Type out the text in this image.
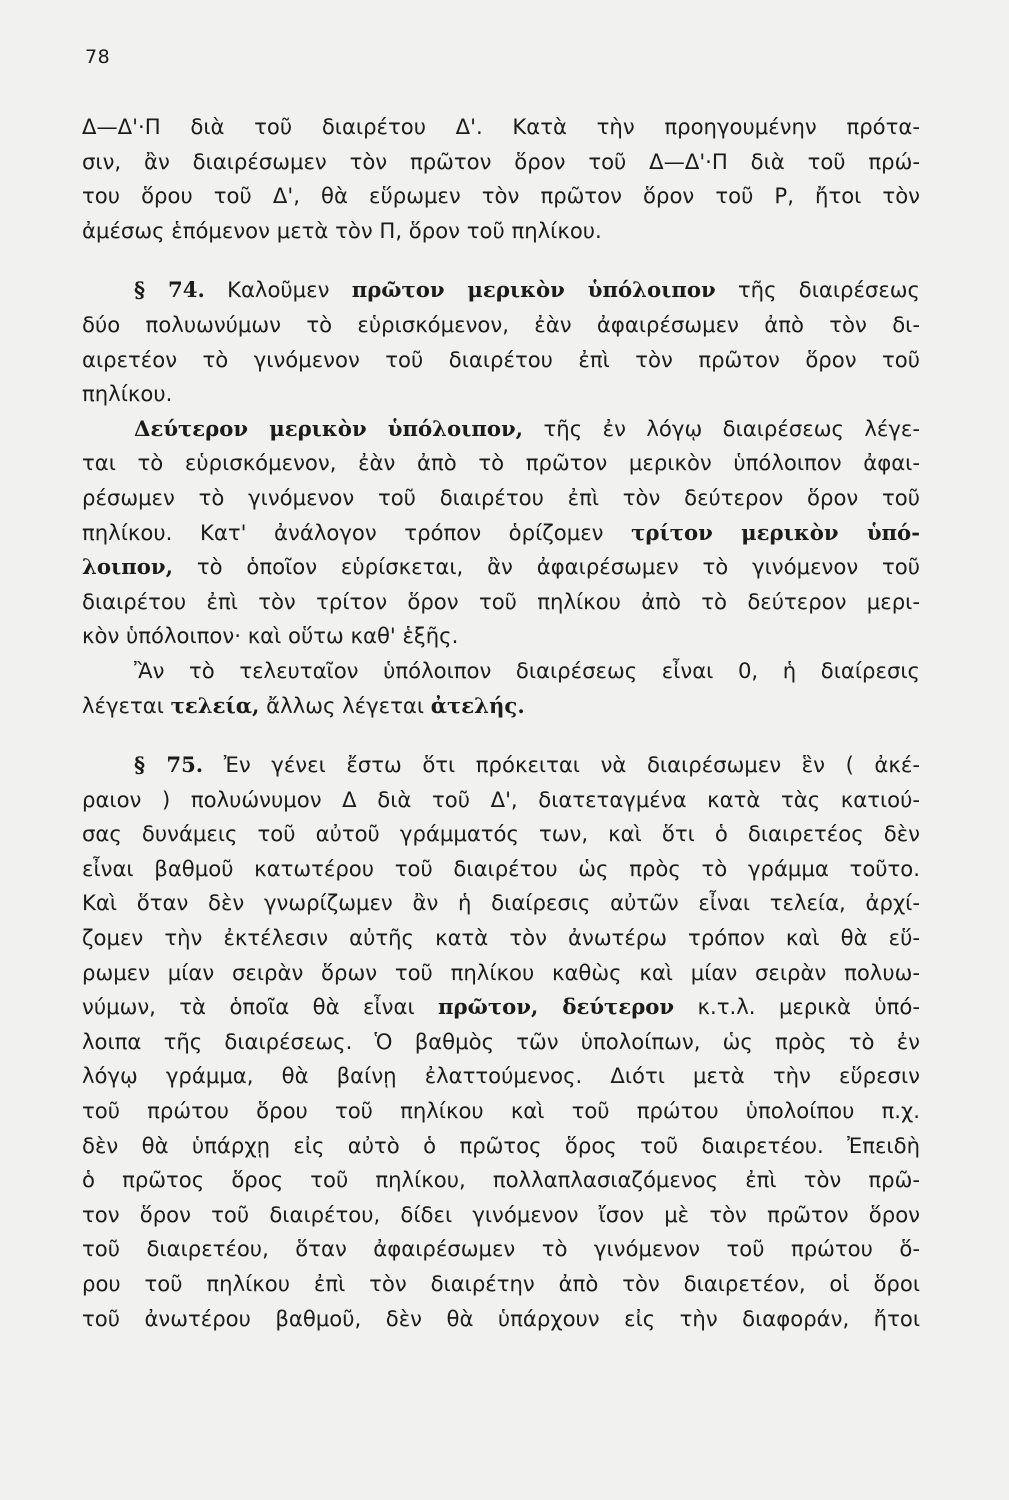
78
Δ—Δ'·Π διὰ τοῦ διαιρέτου Δ'. Κατὰ τὴν προηγουμένην πρότα-
σιν, ἂν διαιρέσωμεν τὸν πρῶτον ὅρον τοῦ Δ—Δ'·Π διὰ τοῦ πρώ-
του ὅρου τοῦ Δ', θὰ εὕρωμεν τὸν πρῶτον ὅρον τοῦ Ρ, ἤτοι τὸν
ἀμέσως ἑπόμενον μετὰ τὸν Π, ὅρον τοῦ πηλίκου.
§ 74. Καλοῦμεν πρῶτον μερικὸν ὑπόλοιπον τῆς διαιρέσεως
δύο πολυωνύμων τὸ εὑρισκόμενον, ἐὰν ἀφαιρέσωμεν ἀπὸ τὸν δι-
αιρετέον τὸ γινόμενον τοῦ διαιρέτου ἐπὶ τὸν πρῶτον ὅρον τοῦ
πηλίκου.
Δεύτερον μερικὸν ὑπόλοιπον, τῆς ἐν λόγῳ διαιρέσεως λέγε-
ται τὸ εὑρισκόμενον, ἐὰν ἀπὸ τὸ πρῶτον μερικὸν ὑπόλοιπον ἀφαι-
ρέσωμεν τὸ γινόμενον τοῦ διαιρέτου ἐπὶ τὸν δεύτερον ὅρον τοῦ
πηλίκου. Κατ' ἀνάλογον τρόπον ὁρίζομεν τρίτον μερικὸν ὑπό-
λοιπον, τὸ ὁποῖον εὑρίσκεται, ἂν ἀφαιρέσωμεν τὸ γινόμενον τοῦ
διαιρέτου ἐπὶ τὸν τρίτον ὅρον τοῦ πηλίκου ἀπὸ τὸ δεύτερον μερι-
κὸν ὑπόλοιπον· καὶ οὕτω καθ' ἑξῆς.
Ἂν τὸ τελευταῖον ὑπόλοιπον διαιρέσεως εἶναι 0, ἡ διαίρεσις
λέγεται τελεία, ἄλλως λέγεται ἀτελής.
§ 75. Ἐν γένει ἔστω ὅτι πρόκειται νὰ διαιρέσωμεν ἓν ( ἀκέ-
ραιον ) πολυώνυμον Δ διὰ τοῦ Δ', διατεταγμένα κατὰ τὰς κατιού-
σας δυνάμεις τοῦ αὐτοῦ γράμματός των, καὶ ὅτι ὁ διαιρετέος δὲν
εἶναι βαθμοῦ κατωτέρου τοῦ διαιρέτου ὡς πρὸς τὸ γράμμα τοῦτο.
Καὶ ὅταν δὲν γνωρίζωμεν ἂν ἡ διαίρεσις αὐτῶν εἶναι τελεία, ἀρχί-
ζομεν τὴν ἐκτέλεσιν αὐτῆς κατὰ τὸν ἀνωτέρω τρόπον καὶ θὰ εὕ-
ρωμεν μίαν σειρὰν ὅρων τοῦ πηλίκου καθὼς καὶ μίαν σειρὰν πολυω-
νύμων, τὰ ὁποῖα θὰ εἶναι πρῶτον, δεύτερον κ.τ.λ. μερικὰ ὑπό-
λοιπα τῆς διαιρέσεως. Ὁ βαθμὸς τῶν ὑπολοίπων, ὡς πρὸς τὸ ἐν
λόγῳ γράμμα, θὰ βαίνῃ ἐλαττούμενος. Διότι μετὰ τὴν εὕρεσιν
τοῦ πρώτου ὅρου τοῦ πηλίκου καὶ τοῦ πρώτου ὑπολοίπου π.χ.
δὲν θὰ ὑπάρχῃ εἰς αὐτὸ ὁ πρῶτος ὅρος τοῦ διαιρετέου. Ἐπειδὴ
ὁ πρῶτος ὅρος τοῦ πηλίκου, πολλαπλασιαζόμενος ἐπὶ τὸν πρῶ-
τον ὅρον τοῦ διαιρέτου, δίδει γινόμενον ἴσον μὲ τὸν πρῶτον ὅρον
τοῦ διαιρετέου, ὅταν ἀφαιρέσωμεν τὸ γινόμενον τοῦ πρώτου ὅ-
ρου τοῦ πηλίκου ἐπὶ τὸν διαιρέτην ἀπὸ τὸν διαιρετέον, οἱ ὅροι
τοῦ ἀνωτέρου βαθμοῦ, δὲν θὰ ὑπάρχουν εἰς τὴν διαφοράν, ἤτοι
